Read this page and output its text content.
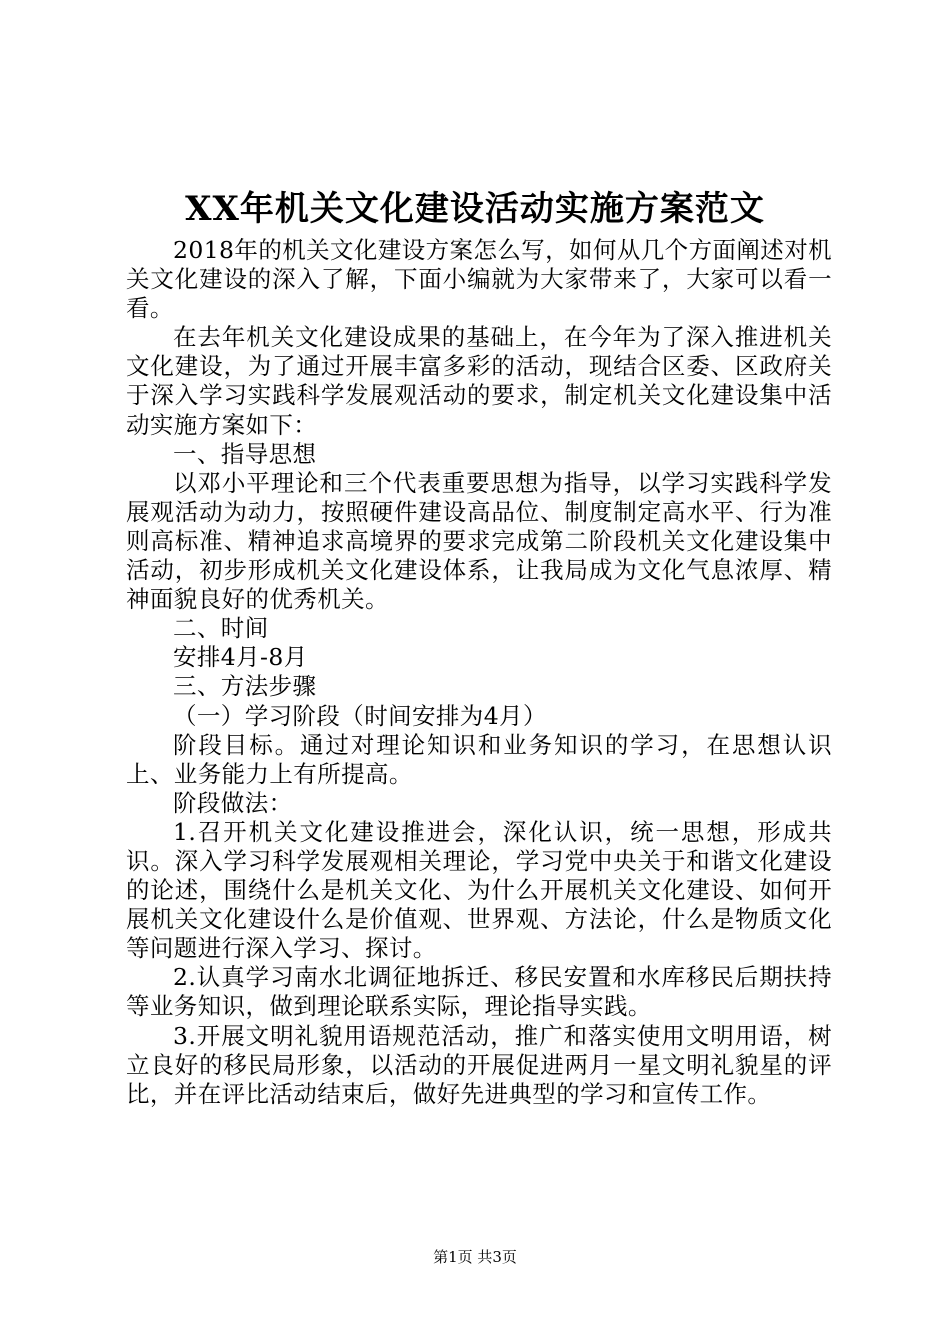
XX年机关文化建设活动实施方案范文

2018年的机关文化建设方案怎么写，如何从几个方面阐述对机关文化建设的深入了解，下面小编就为大家带来了，大家可以看一看。

在去年机关文化建设成果的基础上，在今年为了深入推进机关文化建设，为了通过开展丰富多彩的活动，现结合区委、区政府关于深入学习实践科学发展观活动的要求，制定机关文化建设集中活动实施方案如下：

一、指导思想

以邓小平理论和三个代表重要思想为指导，以学习实践科学发展观活动为动力，按照硬件建设高品位、制度制定高水平、行为准则高标准、精神追求高境界的要求完成第二阶段机关文化建设集中活动，初步形成机关文化建设体系，让我局成为文化气息浓厚、精神面貌良好的优秀机关。

二、时间

安排4月-8月

三、方法步骤

（一）学习阶段（时间安排为4月）

阶段目标。通过对理论知识和业务知识的学习，在思想认识上、业务能力上有所提高。

阶段做法：

1.召开机关文化建设推进会，深化认识，统一思想，形成共识。深入学习科学发展观相关理论，学习党中央关于和谐文化建设的论述，围绕什么是机关文化、为什么开展机关文化建设、如何开展机关文化建设什么是价值观、世界观、方法论，什么是物质文化等问题进行深入学习、探讨。

2.认真学习南水北调征地拆迁、移民安置和水库移民后期扶持等业务知识，做到理论联系实际，理论指导实践。

3.开展文明礼貌用语规范活动，推广和落实使用文明用语，树立良好的移民局形象，以活动的开展促进两月一星文明礼貌星的评比，并在评比活动结束后，做好先进典型的学习和宣传工作。

第1页 共3页
